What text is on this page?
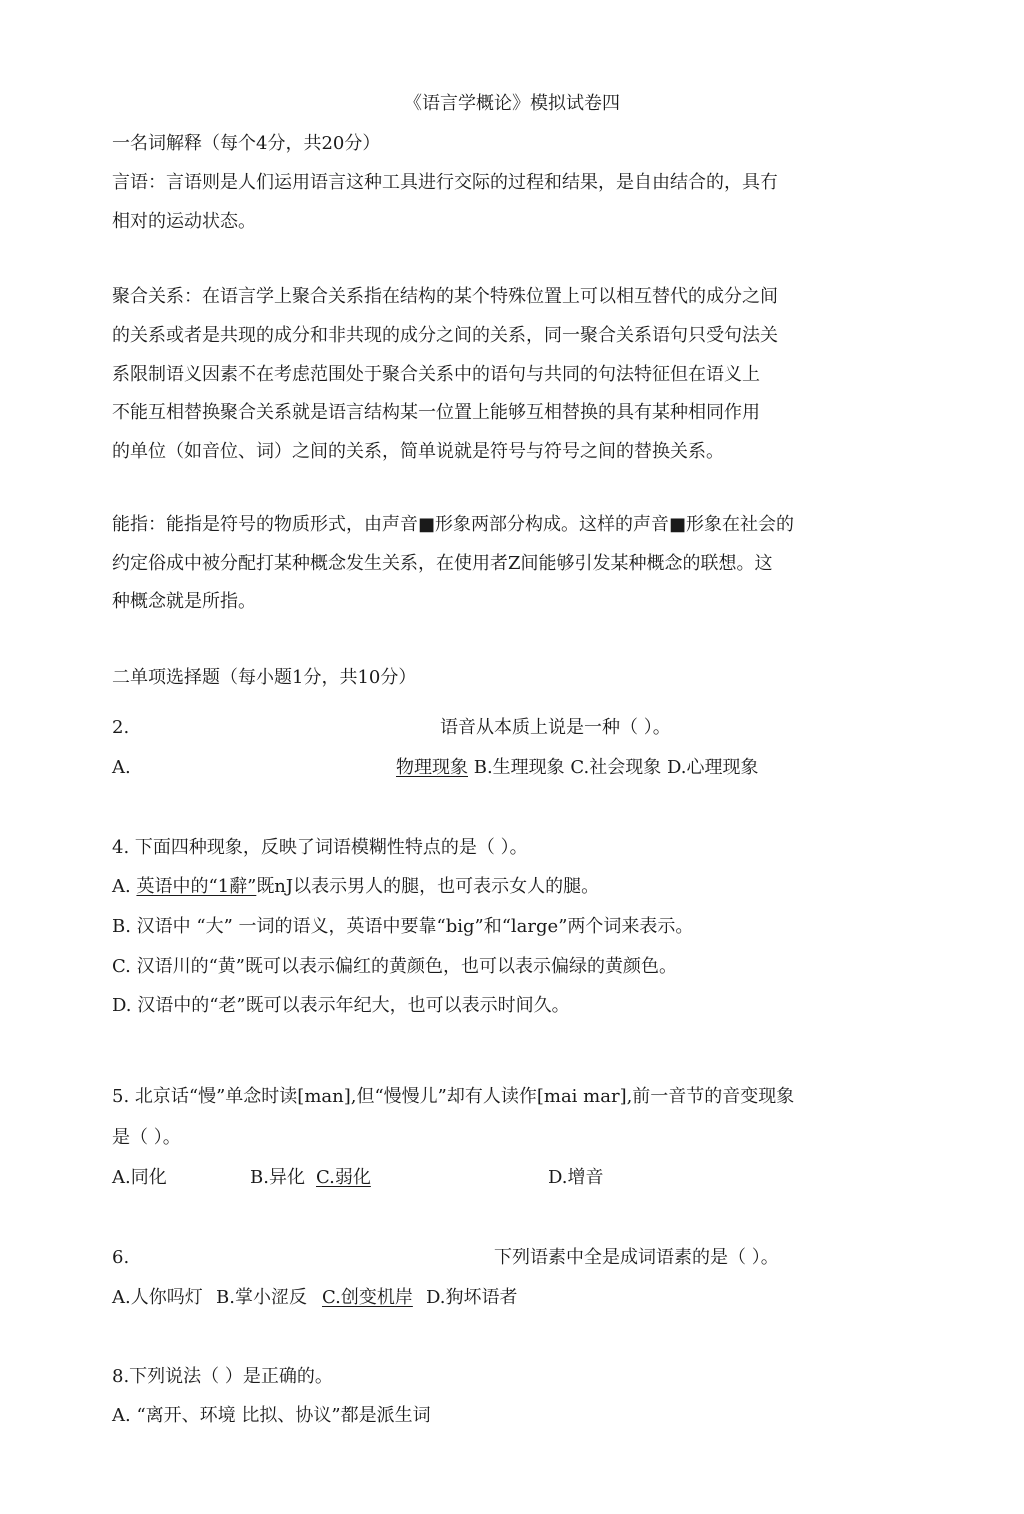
《语言学概论》模拟试卷四
一名词解释（每个4分，共20分）
言语：言语则是人们运用语言这种工具进行交际的过程和结果，是自由结合的，具冇
相对的运动状态。
聚合关系：在语言学上聚合关系指在结构的某个特殊位置上可以相互替代的成分之间
的关系或者是共现的成分和非共现的成分之间的关系，同一聚合关系语句只受句法关
系限制语义因素不在考虑范围处于聚合关系中的语句与共同的句法特征但在语义上
不能互相替换聚合关系就是语言结构某一位置上能够互相替换的具有某种相同作用
的单位（如音位、词）之间的关系，简单说就是符号与符号之间的替换关系。
能指：能指是符号的物质形式，由声音■形象两部分构成。这样的声音■形象在社会的
约定俗成中被分配打某种概念发生关系，在使用者Z间能够引发某种概念的联想。这
种概念就是所指。
二单项选择题（每小题1分，共10分）
2.	语音从本质上说是一种（ ）。
A.	物理现象 B.生理现象 C.社会现象 D.心理现象
4. 下面四种现象，反映了词语模糊性特点的是（ ）。
A. 英语中的“1辭”既nJ以表示男人的腿，也可表示女人的腿。
B. 汉语中 “大” 一词的语义，英语中要靠“big”和“large”两个词来表示。
C. 汉语川的“黄”既可以表示偏红的黄颜色，也可以表示偏绿的黄颜色。
D. 汉语中的“老”既可以表示年纪大，也可以表示时间久。
5. 北京话“慢”单念时读[man],但“慢慢儿”却有人读作[mai mar],前一音节的音变现象
是（ ）。
A.同化	B.异化 C.弱化	D.增音
6.	下列语素中全是成词语素的是（ ）。
A.人你吗灯 B.掌小涩反 C.创变机岸 D.狗坏语者
8.下列说法（ ）是正确的。
A. “离开、环境 比拟、协议”都是派生词
